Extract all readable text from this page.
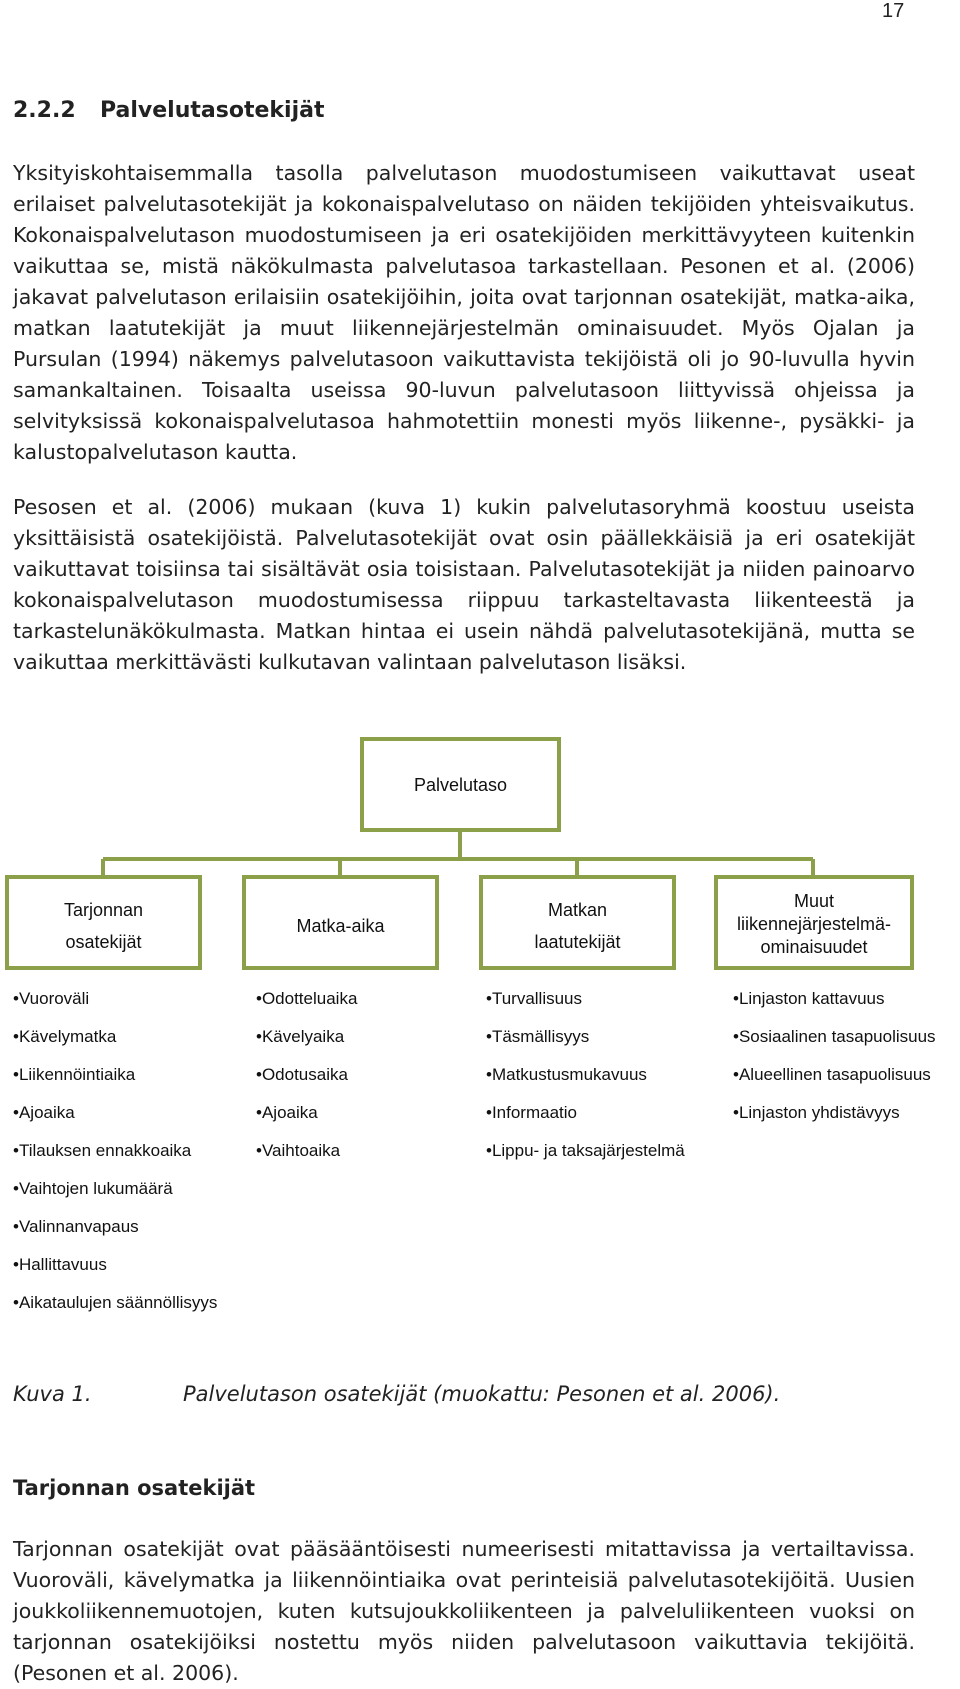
17
2.2.2 Palvelutasotekijät

Yksityiskohtaisemmalla tasolla palvelutason muodostumiseen vaikuttavat useat erilaiset palvelutasotekijät ja kokonaispalvelutaso on näiden tekijöiden yhteisvaikutus. Kokonaispalvelutason muodostumiseen ja eri osatekijöiden merkittävyyteen kuitenkin vaikuttaa se, mistä näkökulmasta palvelutasoa tarkastellaan. Pesonen et al. (2006) jakavat palvelutason erilaisiin osatekijöihin, joita ovat tarjonnan osatekijät, matka-aika, matkan laatutekijät ja muut liikennejärjestelmän ominaisuudet. Myös Ojalan ja Pursulan (1994) näkemys palvelutasoon vaikuttavista tekijöistä oli jo 90-luvulla hyvin samankaltainen. Toisaalta useissa 90-luvun palvelutasoon liittyvissä ohjeissa ja selvityksissä kokonaispalvelutasoa hahmotettiin monesti myös liikenne-, pysäkki- ja kalustopalvelutason kautta.

Pesosen et al. (2006) mukaan (kuva 1) kukin palvelutasoryhmä koostuu useista yksittäisistä osatekijöistä. Palvelutasotekijät ovat osin päällekkäisiä ja eri osatekijät vaikuttavat toisiinsa tai sisältävät osia toisistaan. Palvelutasotekijät ja niiden painoarvo kokonaispalvelutason muodostumisessa riippuu tarkasteltavasta liikenteestä ja tarkastelunäkökulmasta. Matkan hintaa ei usein nähdä palvelutasotekijänä, mutta se vaikuttaa merkittävästi kulkutavan valintaan palvelutason lisäksi.

Palvelutaso
Tarjonnan
osatekijät
Matka-aika
Matkan
laatutekijät
Muut
liikennejärjestelmä-
ominaisuudet
• Vuoroväli
• Kävelymatka
• Liikennöintiaika
• Ajoaika
• Tilauksen ennakkoaika
• Vaihtojen lukumäärä
• Valinnanvapaus
• Hallittavuus
• Aikataulujen säännöllisyys
• Odotteluaika
• Kävelyaika
• Odotusaika
• Ajoaika
• Vaihtoaika
• Turvallisuus
• Täsmällisyys
• Matkustusmukavuus
• Informaatio
• Lippu- ja taksajärjestelmä
• Linjaston kattavuus
• Sosiaalinen tasapuolisuus
• Alueellinen tasapuolisuus
• Linjaston yhdistävyys

Kuva 1.	Palvelutason osatekijät (muokattu: Pesonen et al. 2006).

Tarjonnan osatekijät

Tarjonnan osatekijät ovat pääsääntöisesti numeerisesti mitattavissa ja vertailtavissa. Vuoroväli, kävelymatka ja liikennöintiaika ovat perinteisiä palvelutasotekijöitä. Uusien joukkoliikennemuotojen, kuten kutsujoukkoliikenteen ja palveluliikenteen vuoksi on tarjonnan osatekijöiksi nostettu myös niiden palvelutasoon vaikuttavia tekijöitä. (Pesonen et al. 2006).
